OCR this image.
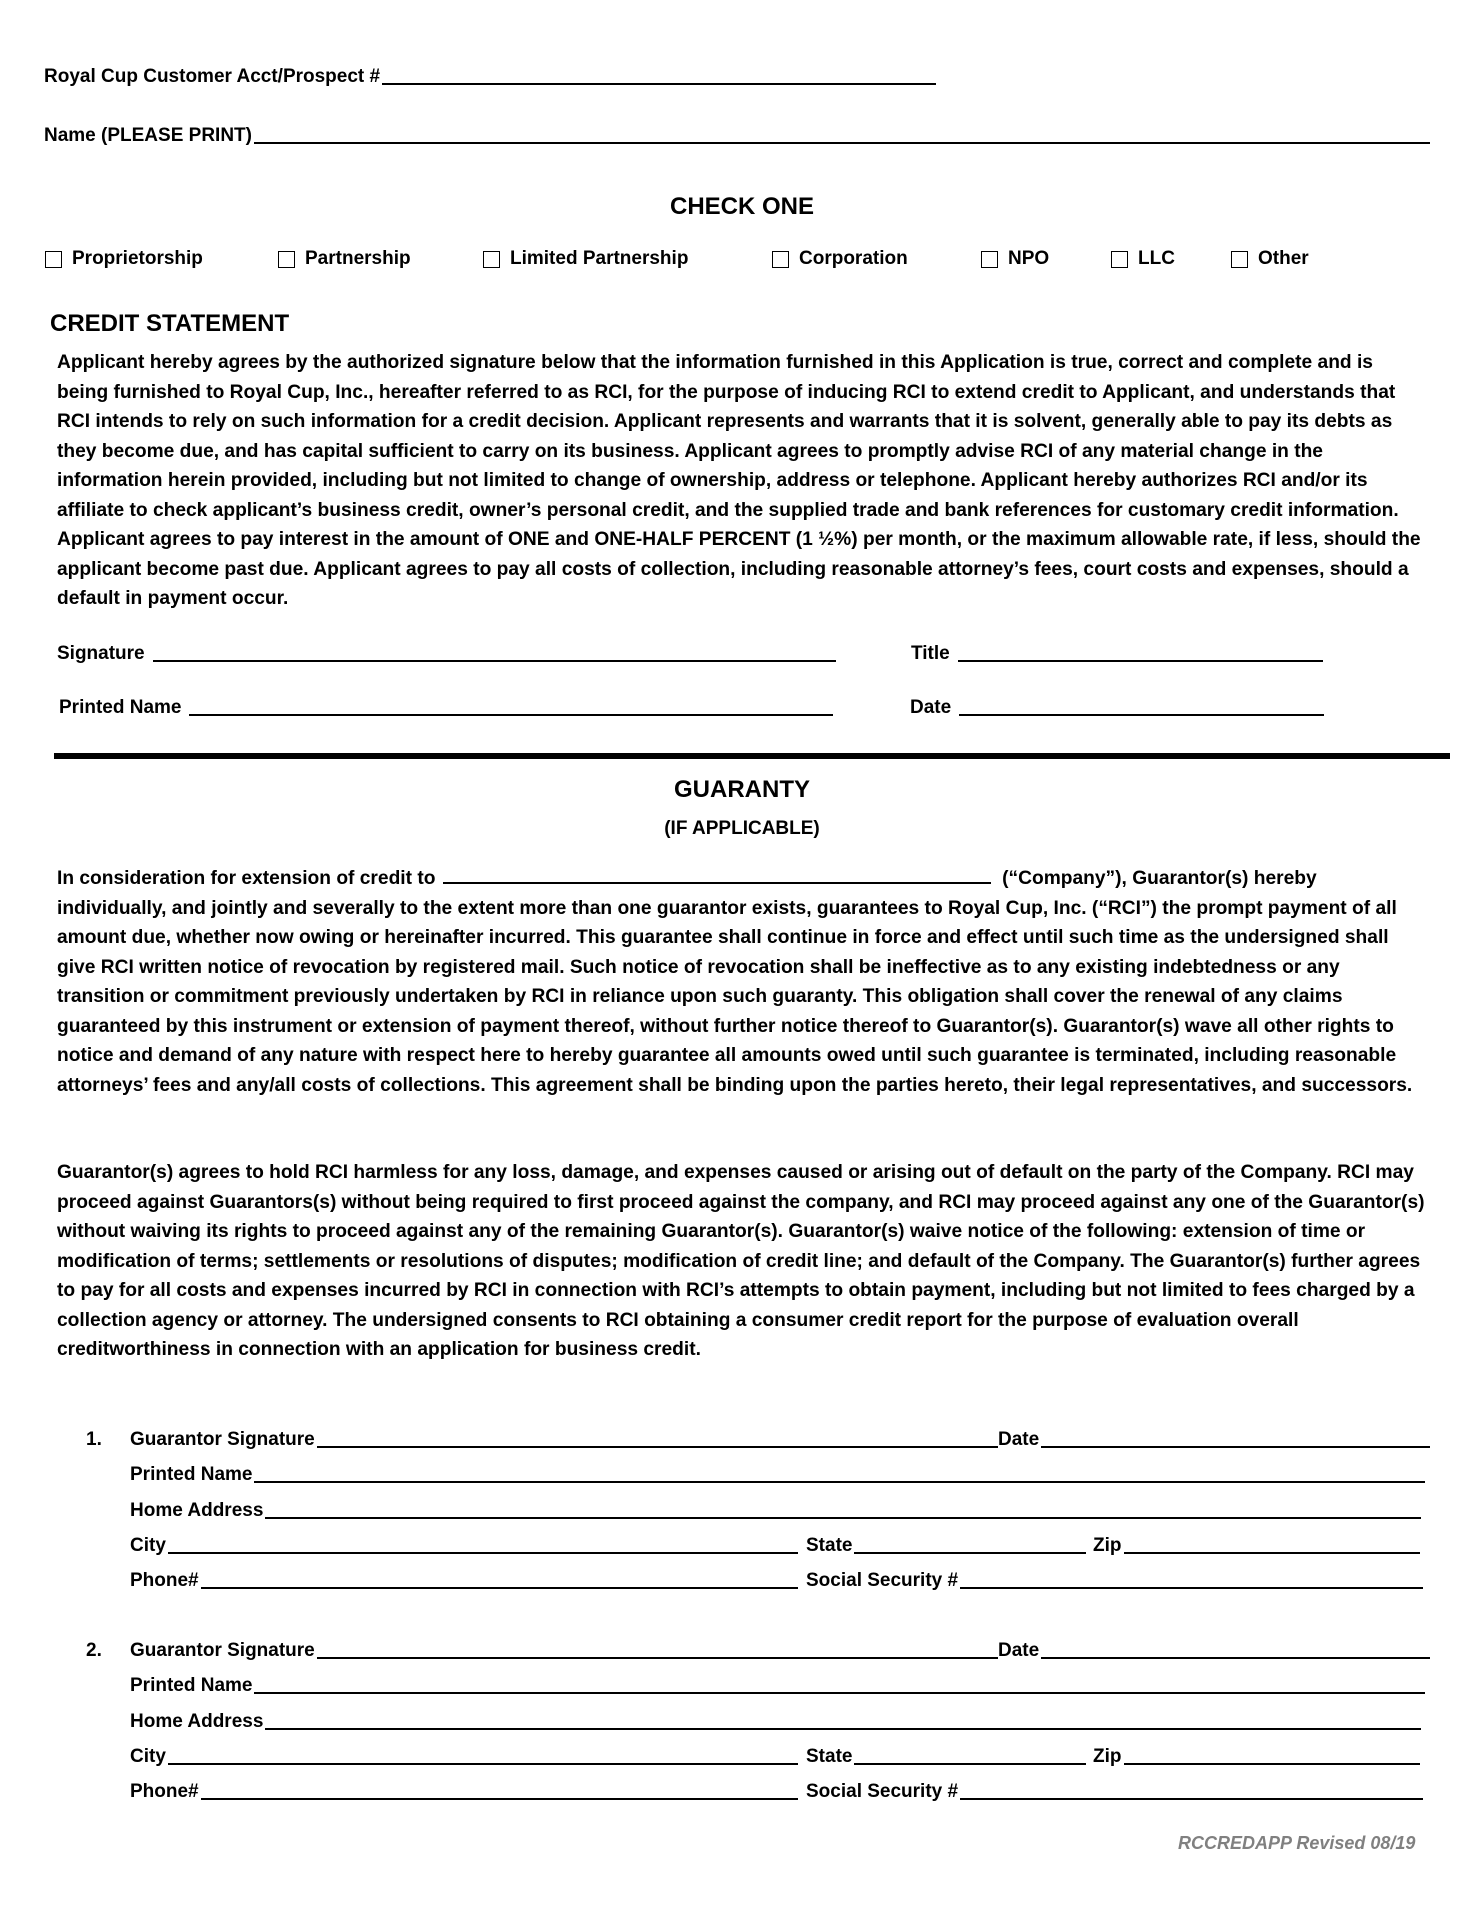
Royal Cup Customer Acct/Prospect #
Name (PLEASE PRINT)
CHECK ONE
Proprietorship	Partnership	Limited Partnership	Corporation	NPO	LLC	Other
CREDIT STATEMENT
Applicant hereby agrees by the authorized signature below that the information furnished in this Application is true, correct and complete and is being furnished to Royal Cup, Inc., hereafter referred to as RCI, for the purpose of inducing RCI to extend credit to Applicant, and understands that RCI intends to rely on such information for a credit decision. Applicant represents and warrants that it is solvent, generally able to pay its debts as they become due, and has capital sufficient to carry on its business. Applicant agrees to promptly advise RCI of any material change in the information herein provided, including but not limited to change of ownership, address or telephone. Applicant hereby authorizes RCI and/or its affiliate to check applicant’s business credit, owner’s personal credit, and the supplied trade and bank references for customary credit information. Applicant agrees to pay interest in the amount of ONE and ONE-HALF PERCENT (1 ½%) per month, or the maximum allowable rate, if less, should the applicant become past due. Applicant agrees to pay all costs of collection, including reasonable attorney’s fees, court costs and expenses, should a default in payment occur.
Signature	Title
Printed Name	Date
GUARANTY
(IF APPLICABLE)
In consideration for extension of credit to	(“Company”), Guarantor(s) hereby individually, and jointly and severally to the extent more than one guarantor exists, guarantees to Royal Cup, Inc. (“RCI”) the prompt payment of all amount due, whether now owing or hereinafter incurred. This guarantee shall continue in force and effect until such time as the undersigned shall give RCI written notice of revocation by registered mail. Such notice of revocation shall be ineffective as to any existing indebtedness or any transition or commitment previously undertaken by RCI in reliance upon such guaranty. This obligation shall cover the renewal of any claims guaranteed by this instrument or extension of payment thereof, without further notice thereof to Guarantor(s). Guarantor(s) wave all other rights to notice and demand of any nature with respect here to hereby guarantee all amounts owed until such guarantee is terminated, including reasonable attorneys’ fees and any/all costs of collections. This agreement shall be binding upon the parties hereto, their legal representatives, and successors.
Guarantor(s) agrees to hold RCI harmless for any loss, damage, and expenses caused or arising out of default on the party of the Company. RCI may proceed against Guarantors(s) without being required to first proceed against the company, and RCI may proceed against any one of the Guarantor(s) without waiving its rights to proceed against any of the remaining Guarantor(s). Guarantor(s) waive notice of the following: extension of time or modification of terms; settlements or resolutions of disputes; modification of credit line; and default of the Company. The Guarantor(s) further agrees to pay for all costs and expenses incurred by RCI in connection with RCI’s attempts to obtain payment, including but not limited to fees charged by a collection agency or attorney. The undersigned consents to RCI obtaining a consumer credit report for the purpose of evaluation overall creditworthiness in connection with an application for business credit.
1. Guarantor Signature	Date
Printed Name
Home Address
City	State	Zip
Phone#	Social Security #
2. Guarantor Signature	Date
Printed Name
Home Address
City	State	Zip
Phone#	Social Security #
RCCREDAPP Revised 08/19
